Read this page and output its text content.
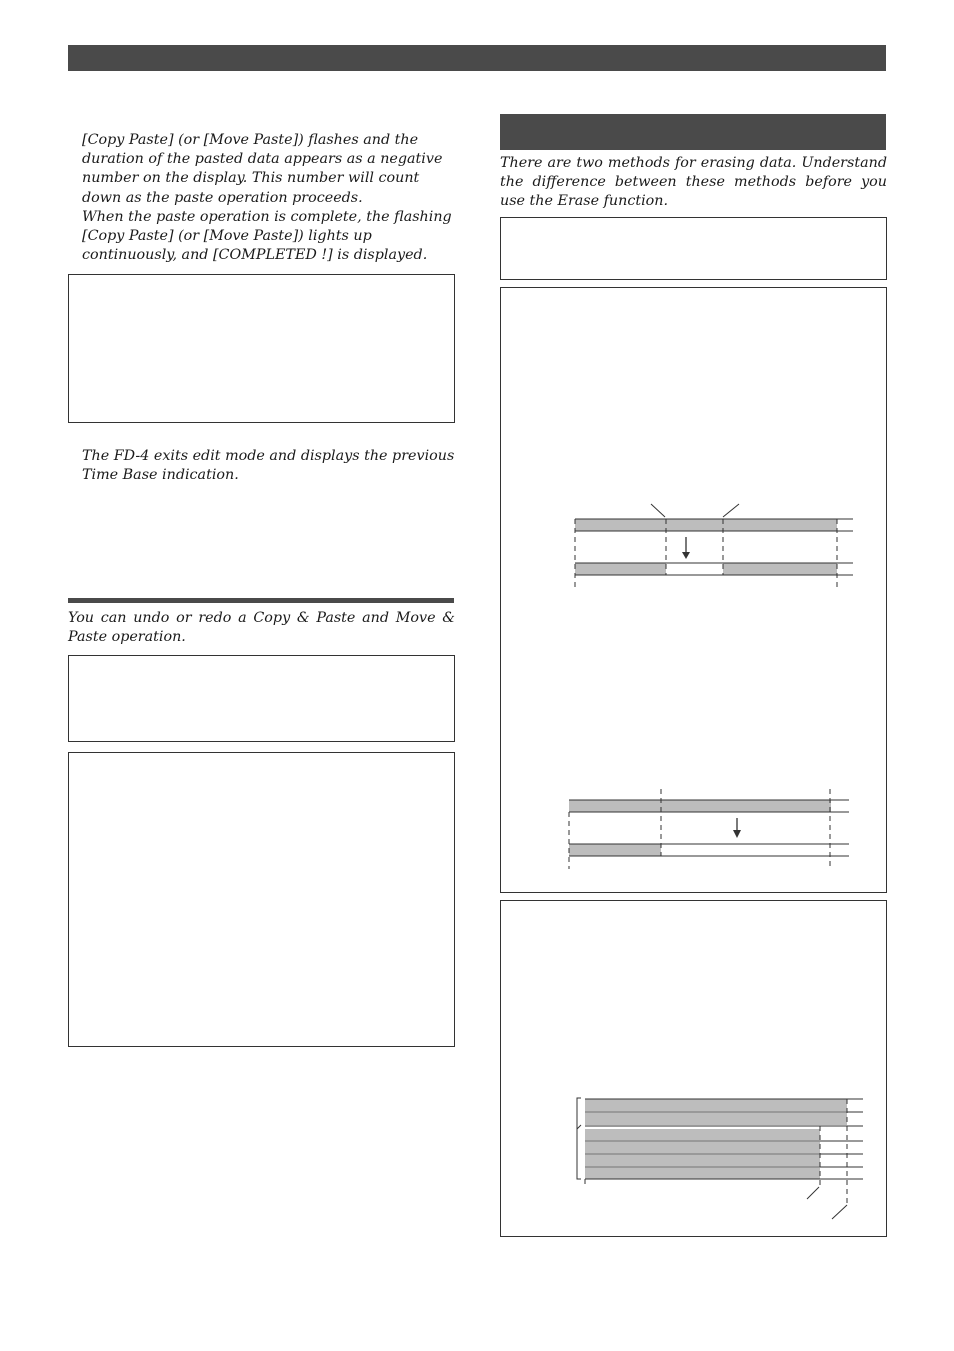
[Copy Paste] (or [Move Paste]) flashes and the duration of the pasted data appears as a negative number on the display. This number will count down as the paste operation proceeds.

When the paste operation is complete, the flashing [Copy Paste] (or [Move Paste]) lights up continuously, and [COMPLETED !] is displayed.

The FD-4 exits edit mode and displays the previous Time Base indication.
You can undo or redo a Copy & Paste and Move & Paste operation.
There are two methods for erasing data. Understand the difference between these methods before you use the Erase function.
